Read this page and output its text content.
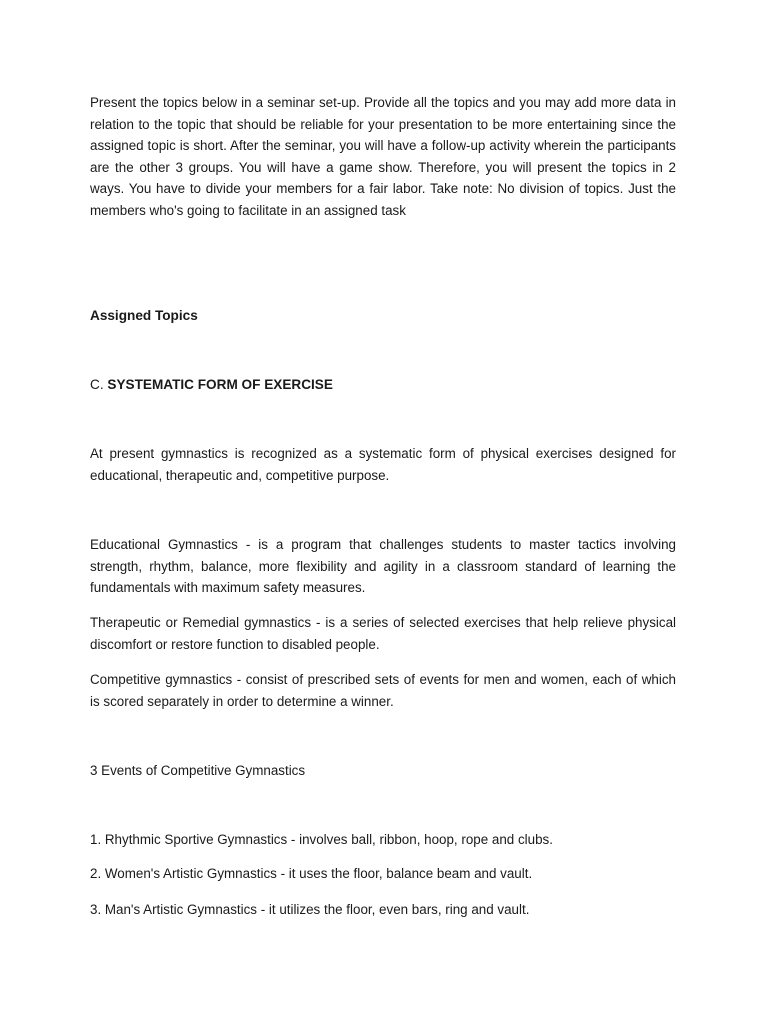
Present the topics below in a seminar set-up. Provide all the topics and you may add more data in relation to the topic that should be reliable for your presentation to be more entertaining since the assigned topic is short. After the seminar, you will have a follow-up activity wherein the participants are the other 3 groups. You will have a game show. Therefore, you will present the topics in 2 ways. You have to divide your members for a fair labor. Take note: No division of topics. Just the members who's going to facilitate in an assigned task

Assigned Topics

C. SYSTEMATIC FORM OF EXERCISE

At present gymnastics is recognized as a systematic form of physical exercises designed for educational, therapeutic and, competitive purpose.

Educational Gymnastics - is a program that challenges students to master tactics involving strength, rhythm, balance, more flexibility and agility in a classroom standard of learning the fundamentals with maximum safety measures.

Therapeutic or Remedial gymnastics - is a series of selected exercises that help relieve physical discomfort or restore function to disabled people.

Competitive gymnastics - consist of prescribed sets of events for men and women, each of which is scored separately in order to determine a winner.

3 Events of Competitive Gymnastics

1. Rhythmic Sportive Gymnastics - involves ball, ribbon, hoop, rope and clubs.

2. Women's Artistic Gymnastics - it uses the floor, balance beam and vault.

3. Man's Artistic Gymnastics - it utilizes the floor, even bars, ring and vault.
